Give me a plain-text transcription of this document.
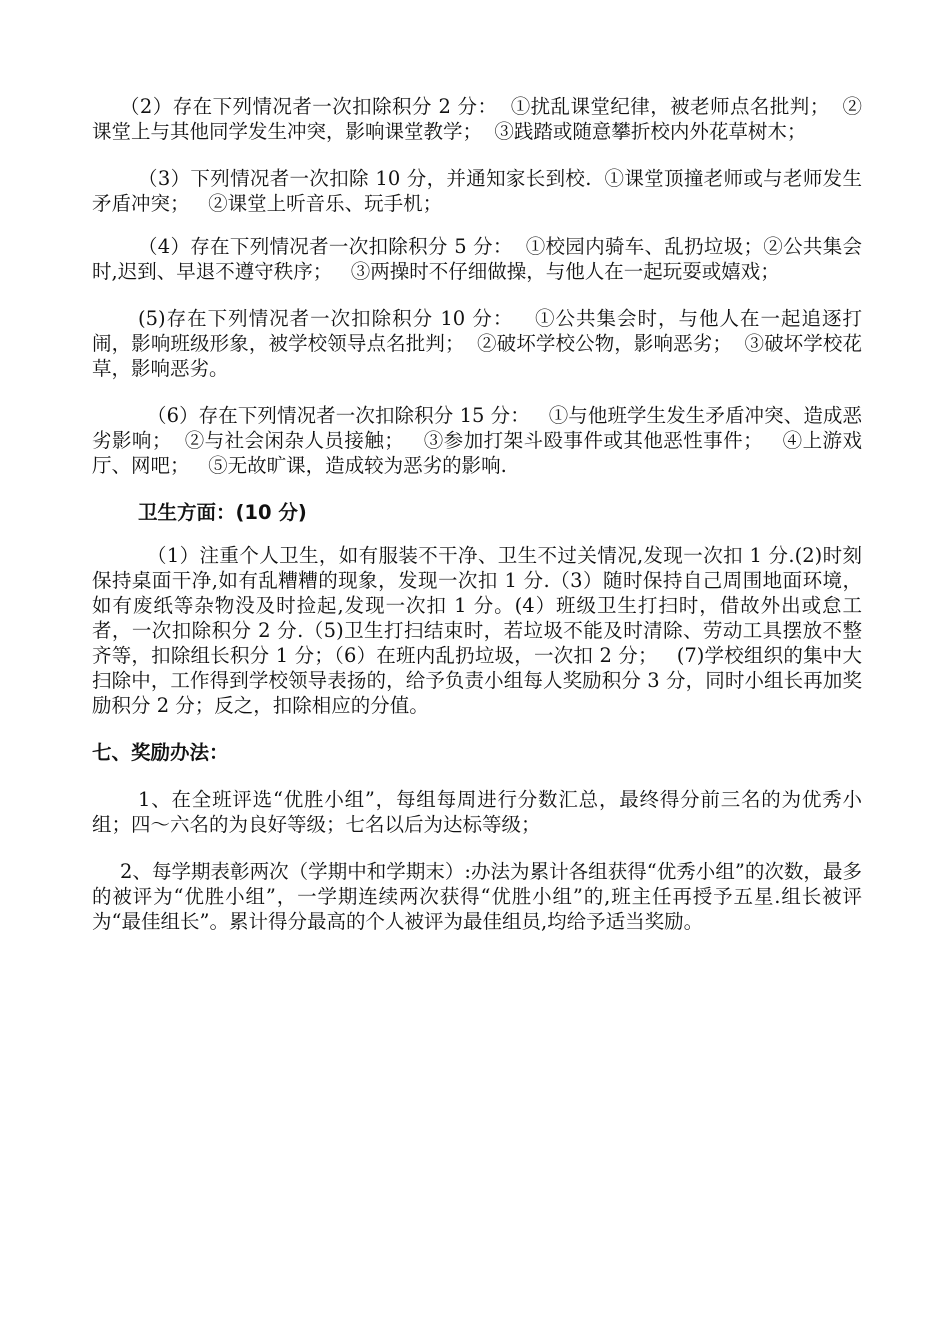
（2）存在下列情况者一次扣除积分 2 分：  ①扰乱课堂纪律，被老师点名批判；  ②课堂上与其他同学发生冲突，影响课堂教学；  ③践踏或随意攀折校内外花草树木；

（3）下列情况者一次扣除 10 分，并通知家长到校.  ①课堂顶撞老师或与老师发生矛盾冲突；   ②课堂上听音乐、玩手机；

（4）存在下列情况者一次扣除积分 5 分：  ①校园内骑车、乱扔垃圾；②公共集会时,迟到、早退不遵守秩序；   ③两操时不仔细做操，与他人在一起玩耍或嬉戏；

(5)存在下列情况者一次扣除积分 10 分：   ①公共集会时，与他人在一起追逐打闹，影响班级形象，被学校领导点名批判；  ②破坏学校公物，影响恶劣；  ③破坏学校花草，影响恶劣。

（6）存在下列情况者一次扣除积分 15 分：   ①与他班学生发生矛盾冲突、造成恶劣影响；  ②与社会闲杂人员接触；   ③参加打架斗殴事件或其他恶性事件；   ④上游戏厅、网吧；   ⑤无故旷课，造成较为恶劣的影响.

卫生方面：(10 分)

（1）注重个人卫生，如有服装不干净、卫生不过关情况,发现一次扣 1 分.(2)时刻保持桌面干净,如有乱糟糟的现象，发现一次扣 1 分.（3）随时保持自己周围地面环境，如有废纸等杂物没及时捡起,发现一次扣 1 分。(4）班级卫生打扫时，借故外出或怠工者，一次扣除积分 2 分.（5)卫生打扫结束时，若垃圾不能及时清除、劳动工具摆放不整齐等，扣除组长积分 1 分；（6）在班内乱扔垃圾，一次扣 2 分；   (7)学校组织的集中大扫除中，工作得到学校领导表扬的，给予负责小组每人奖励积分 3 分，同时小组长再加奖励积分 2 分；反之，扣除相应的分值。

七、奖励办法：

1、在全班评选“优胜小组”，每组每周进行分数汇总，最终得分前三名的为优秀小组；四～六名的为良好等级；七名以后为达标等级；

2、每学期表彰两次（学期中和学期末）:办法为累计各组获得“优秀小组”的次数，最多的被评为“优胜小组”，一学期连续两次获得“优胜小组”的,班主任再授予五星.组长被评为“最佳组长”。累计得分最高的个人被评为最佳组员,均给予适当奖励。
